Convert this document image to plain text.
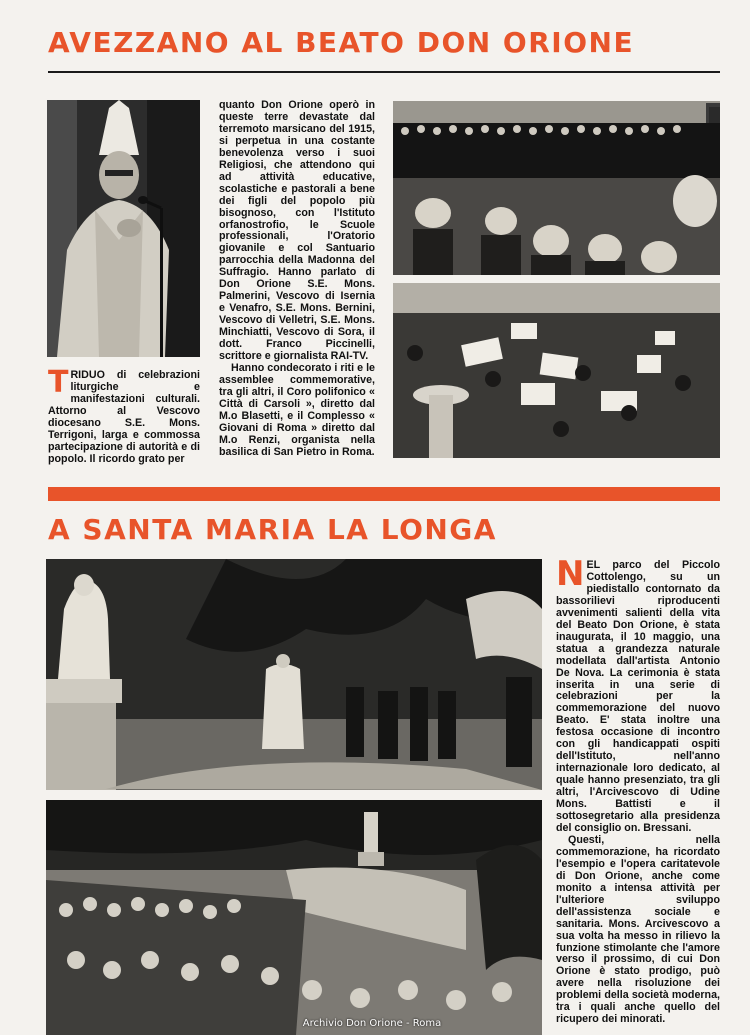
AVEZZANO AL BEATO DON ORIONE

TRIDUO di celebrazioni liturgiche e manifestazioni culturali. Attorno al Vescovo diocesano S.E. Mons. Terrigoni, larga e commossa partecipazione di autorità e di popolo. Il ricordo grato per

quanto Don Orione operò in queste terre devastate dal terremoto marsicano del 1915, si perpetua in una costante benevolenza verso i suoi Religiosi, che attendono qui ad attività educative, scolastiche e pastorali a bene dei figli del popolo più bisognoso, con l'Istituto orfanostrofio, le Scuole professionali, l'Oratorio giovanile e col Santuario parrocchia della Madonna del Suffragio. Hanno parlato di Don Orione S.E. Mons. Palmerini, Vescovo di Isernia e Venafro, S.E. Mons. Bernini, Vescovo di Velletri, S.E. Mons. Minchiatti, Vescovo di Sora, il dott. Franco Piccinelli, scrittore e giornalista RAI-TV.
Hanno condecorato i riti e le assemblee commemorative, tra gli altri, il Coro polifonico « Città di Carsoli », diretto dal M.o Blasetti, e il Complesso « Giovani di Roma » diretto dal M.o Renzi, organista nella basilica di San Pietro in Roma.
A SANTA MARIA LA LONGA
NEL parco del Piccolo Cottolengo, su un piedistallo contornato da bassorilievi riproducenti avvenimenti salienti della vita del Beato Don Orione, è stata inaugurata, il 10 maggio, una statua a grandezza naturale modellata dall'artista Antonio De Nova. La cerimonia è stata inserita in una serie di celebrazioni per la commemorazione del nuovo Beato. E' stata inoltre una festosa occasione di incontro con gli handicappati ospiti dell'Istituto, nell'anno internazionale loro dedicato, al quale hanno presenziato, tra gli altri, l'Arcivescovo di Udine Mons. Battisti e il sottosegretario alla presidenza del consiglio on. Bressani.
Questi, nella commemorazione, ha ricordato l'esempio e l'opera caritatevole di Don Orione, anche come monito a intensa attività per l'ulteriore sviluppo dell'assistenza sociale e sanitaria. Mons. Arcivescovo a sua volta ha messo in rilievo la funzione stimolante che l'amore verso il prossimo, di cui Don Orione è stato prodigo, può avere nella risoluzione dei problemi della società moderna, tra i quali anche quello del ricupero dei minorati.
Archivio Don Orione - Roma
